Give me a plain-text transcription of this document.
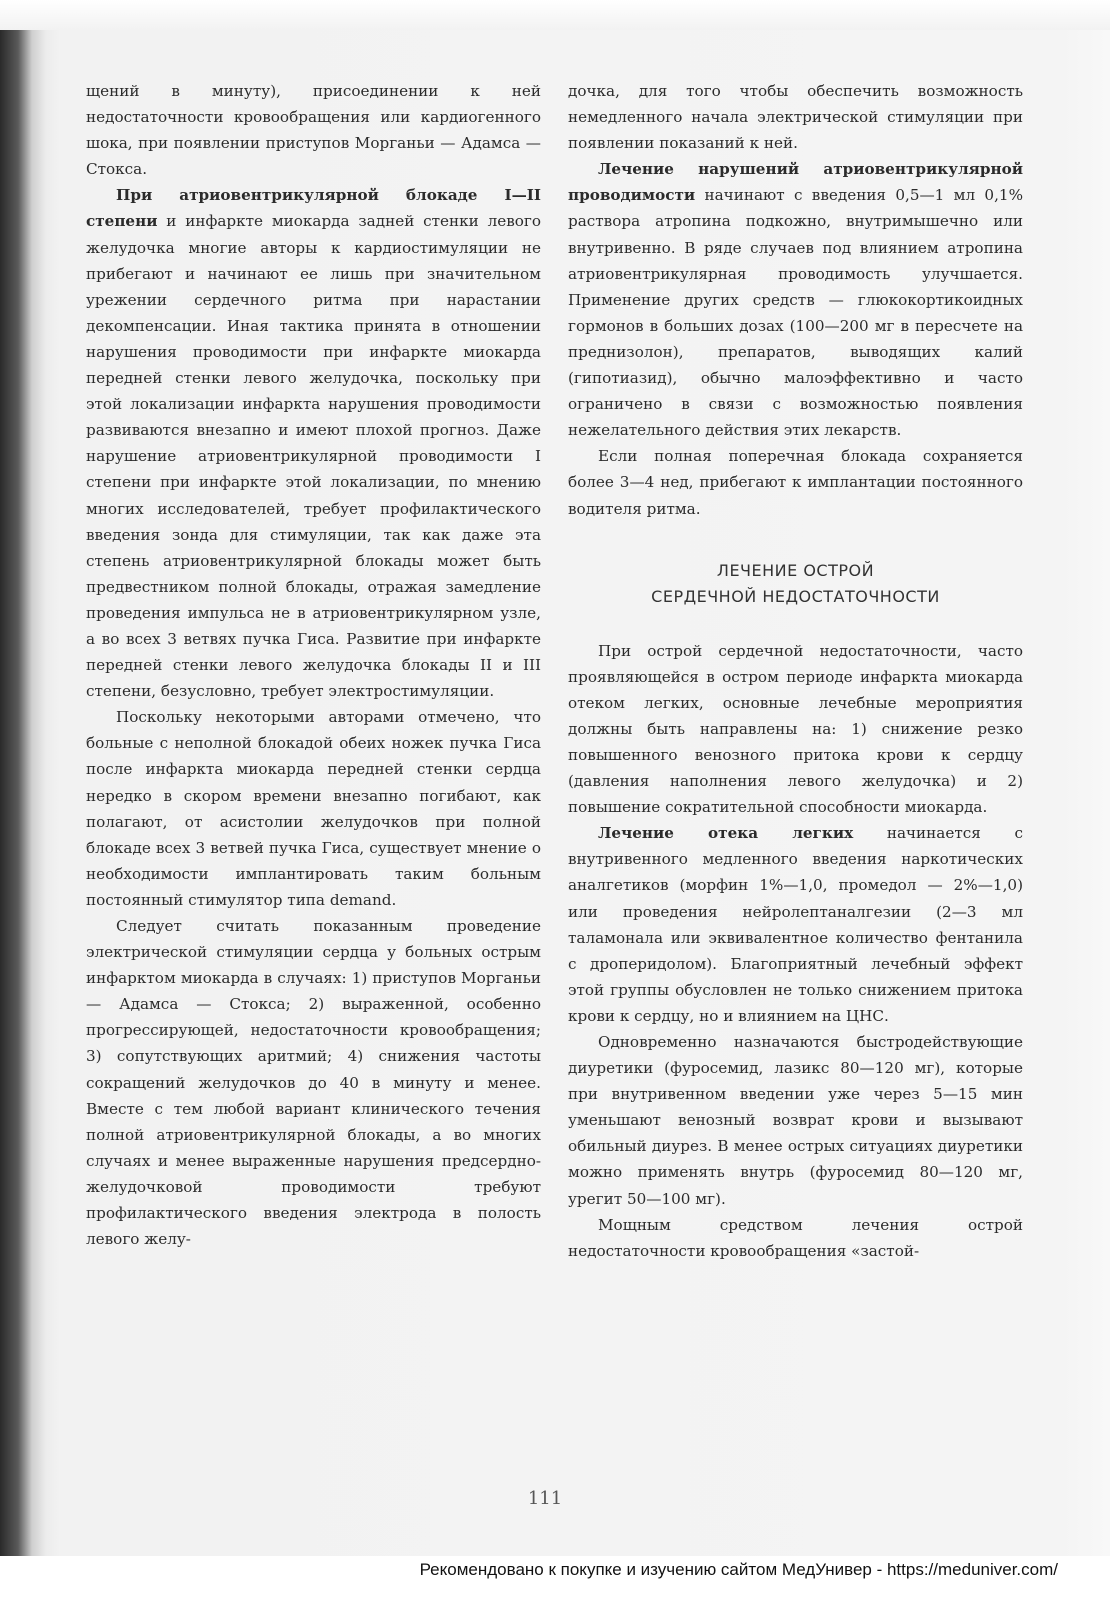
щений в минуту), присоединении к ней недостаточности кровообращения или кардиогенного шока, при появлении приступов Морганьи — Адамса — Стокса.

При атриовентрикулярной блокаде I—II степени и инфаркте миокарда задней стенки левого желудочка многие авторы к кардиостимуляции не прибегают и начинают ее лишь при значительном урежении сердечного ритма при нарастании декомпенсации. Иная тактика принята в отношении нарушения проводимости при инфаркте миокарда передней стенки левого желудочка, поскольку при этой локализации инфаркта нарушения проводимости развиваются внезапно и имеют плохой прогноз. Даже нарушение атриовентрикулярной проводимости I степени при инфаркте этой локализации, по мнению многих исследователей, требует профилактического введения зонда для стимуляции, так как даже эта степень атриовентрикулярной блокады может быть предвестником полной блокады, отражая замедление проведения импульса не в атриовентрикулярном узле, а во всех 3 ветвях пучка Гиса. Развитие при инфаркте передней стенки левого желудочка блокады II и III степени, безусловно, требует электростимуляции.

Поскольку некоторыми авторами отмечено, что больные с неполной блокадой обеих ножек пучка Гиса после инфаркта миокарда передней стенки сердца нередко в скором времени внезапно погибают, как полагают, от асистолии желудочков при полной блокаде всех 3 ветвей пучка Гиса, существует мнение о необходимости имплантировать таким больным постоянный стимулятор типа demand.

Следует считать показанным проведение электрической стимуляции сердца у больных острым инфарктом миокарда в случаях: 1) приступов Морганьи — Адамса — Стокса; 2) выраженной, особенно прогрессирующей, недостаточности кровообращения; 3) сопутствующих аритмий; 4) снижения частоты сокращений желудочков до 40 в минуту и менее. Вместе с тем любой вариант клинического течения полной атриовентрикулярной блокады, а во многих случаях и менее выраженные нарушения предсердно-желудочковой проводимости требуют профилактического введения электрода в полость левого желу-

дочка, для того чтобы обеспечить возможность немедленного начала электрической стимуляции при появлении показаний к ней.

Лечение нарушений атриовентрикулярной проводимости начинают с введения 0,5—1 мл 0,1% раствора атропина подкожно, внутримышечно или внутривенно. В ряде случаев под влиянием атропина атриовентрикулярная проводимость улучшается. Применение других средств — глюкокортикоидных гормонов в больших дозах (100—200 мг в пересчете на преднизолон), препаратов, выводящих калий (гипотиазид), обычно малоэффективно и часто ограничено в связи с возможностью появления нежелательного действия этих лекарств.

Если полная поперечная блокада сохраняется более 3—4 нед, прибегают к имплантации постоянного водителя ритма.

ЛЕЧЕНИЕ ОСТРОЙ
СЕРДЕЧНОЙ НЕДОСТАТОЧНОСТИ

При острой сердечной недостаточности, часто проявляющейся в остром периоде инфаркта миокарда отеком легких, основные лечебные мероприятия должны быть направлены на: 1) снижение резко повышенного венозного притока крови к сердцу (давления наполнения левого желудочка) и 2) повышение сократительной способности миокарда.

Лечение отека легких начинается с внутривенного медленного введения наркотических аналгетиков (морфин 1%—1,0, промедол — 2%—1,0) или проведения нейролептаналгезии (2—3 мл таламонала или эквивалентное количество фентанила с дроперидолом). Благоприятный лечебный эффект этой группы обусловлен не только снижением притока крови к сердцу, но и влиянием на ЦНС.

Одновременно назначаются быстродействующие диуретики (фуросемид, лазикс 80—120 мг), которые при внутривенном введении уже через 5—15 мин уменьшают венозный возврат крови и вызывают обильный диурез. В менее острых ситуациях диуретики можно применять внутрь (фуросемид 80—120 мг, урегит 50—100 мг).

Мощным средством лечения острой недостаточности кровообращения «застой-

111
Рекомендовано к покупке и изучению сайтом МедУнивер - https://meduniver.com/
